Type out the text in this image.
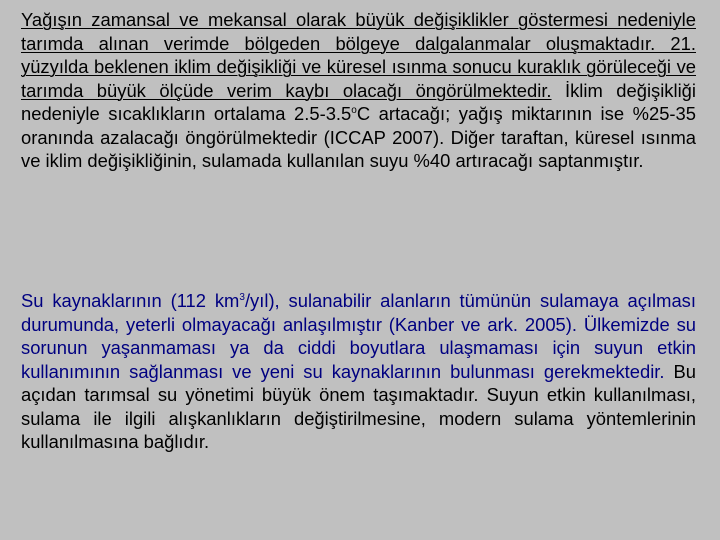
Yağışın zamansal ve mekansal olarak büyük değişiklikler göstermesi nedeniyle tarımda alınan verimde bölgeden bölgeye dalgalanmalar oluşmaktadır. 21. yüzyılda beklenen iklim değişikliği ve küresel ısınma sonucu kuraklık görüleceği ve tarımda büyük ölçüde verim kaybı olacağı öngörülmektedir. İklim değişikliği nedeniyle sıcaklıkların ortalama 2.5-3.5$^o$C artacağı; yağış miktarının ise %25-35 oranında azalacağı öngörülmektedir (ICCAP 2007). Diğer taraftan, küresel ısınma ve iklim değişikliğinin, sulamada kullanılan suyu %40 artıracağı saptanmıştır.

Su kaynaklarının (112 $km^3/yıl$), sulanabilir alanların tümünün sulamaya açılması durumunda, yeterli olmayacağı anlaşılmıştır (Kanber ve ark. 2005). Ülkemizde su sorunun yaşanmaması ya da ciddi boyutlara ulaşmaması için suyun etkin kullanımının sağlanması ve yeni su kaynaklarının bulunması gerekmektedir. Bu açıdan tarımsal su yönetimi büyük önem taşımaktadır. Suyun etkin kullanılması, sulama ile ilgili alışkanlıkların değiştirilmesine, modern sulama yöntemlerinin kullanılmasına bağlıdır.
